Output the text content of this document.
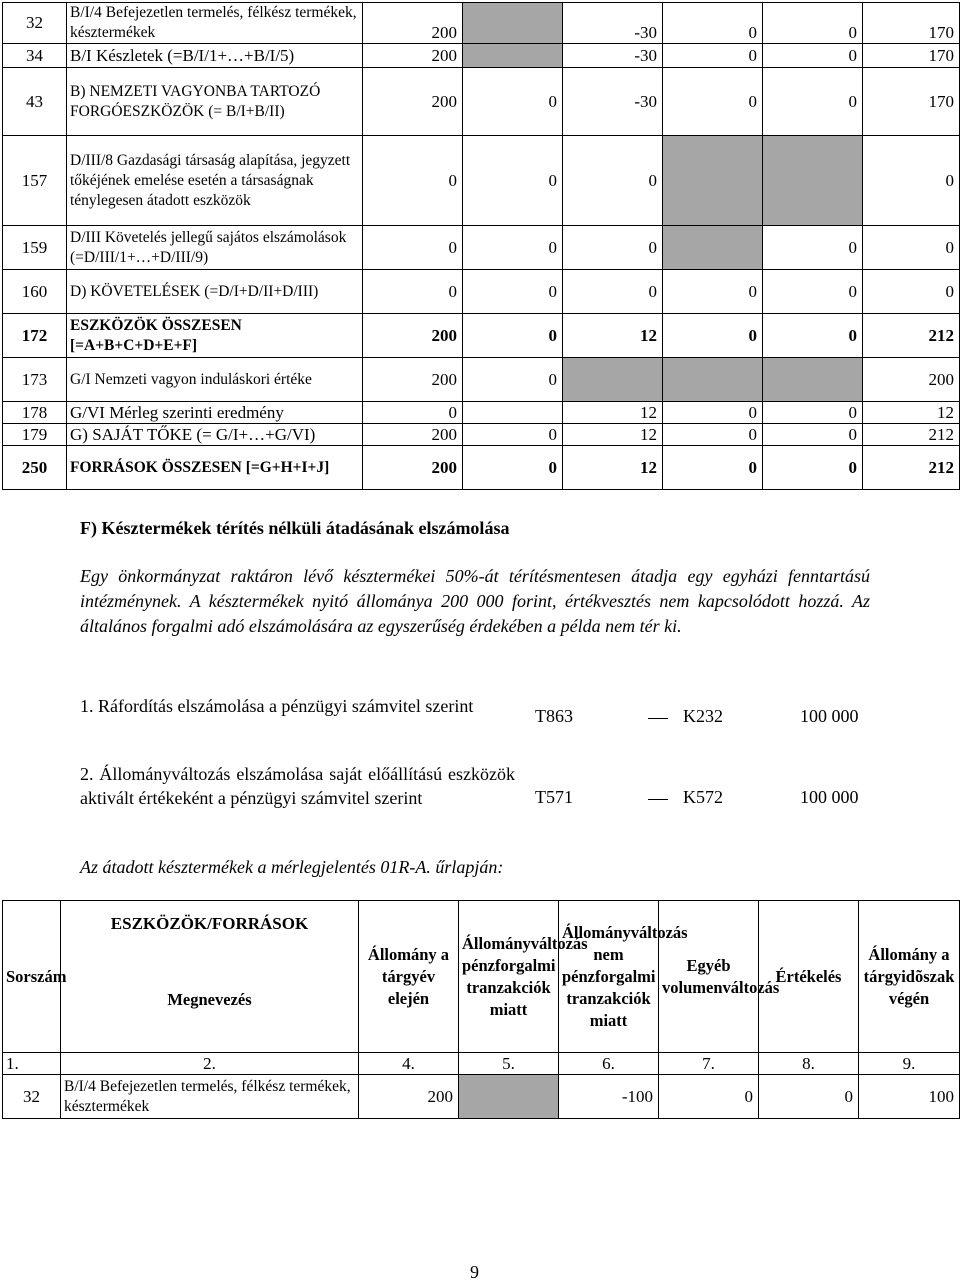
32	B/I/4 Befejezetlen termelés, félkész termékek, késztermékek	200		-30	0	0	170
34	B/I Készletek (=B/I/1+…+B/I/5)	200		-30	0	0	170
43	B) NEMZETI VAGYONBA TARTOZÓ FORGÓESZKÖZÖK (= B/I+B/II)	200	0	-30	0	0	170
157	D/III/8 Gazdasági társaság alapítása, jegyzett tőkéjének emelése esetén a társaságnak ténylegesen átadott eszközök	0	0	0			0
159	D/III Követelés jellegű sajátos elszámolások (=D/III/1+…+D/III/9)	0	0	0		0	0
160	D) KÖVETELÉSEK (=D/I+D/II+D/III)	0	0	0	0	0	0
172	ESZKÖZÖK ÖSSZESEN [=A+B+C+D+E+F]	200	0	12	0	0	212
173	G/I Nemzeti vagyon induláskori értéke	200	0				200
178	G/VI Mérleg szerinti eredmény	0		12	0	0	12
179	G) SAJÁT TŐKE (= G/I+…+G/VI)	200	0	12	0	0	212
250	FORRÁSOK ÖSSZESEN [=G+H+I+J]	200	0	12	0	0	212
F) Késztermékek térítés nélküli átadásának elszámolása
Egy önkormányzat raktáron lévő késztermékei 50%-át térítésmentesen átadja egy egyházi fenntartású intézménynek. A késztermékek nyitó állománya 200 000 forint, értékvesztés nem kapcsolódott hozzá. Az általános forgalmi adó elszámolására az egyszerűség érdekében a példa nem tér ki.
1. Ráfordítás elszámolása a pénzügyi számvitel szerint	T863	K232	100 000
2. Állományváltozás elszámolása saját előállítású eszközök aktivált értékeként a pénzügyi számvitel szerint	T571	K572	100 000
Az átadott késztermékek a mérlegjelentés 01R-A. űrlapján:
Sorszám	ESZKÖZÖK/FORRÁSOK
Megnevezés	Állomány a tárgyév elején	Állományváltozás pénzforgalmi tranzakciók miatt	Állományváltozás nem pénzforgalmi tranzakciók miatt	Egyéb volumenváltozás	Értékelés	Állomány a tárgyidõszak végén
1.	2.	4.	5.	6.	7.	8.	9.
32	B/I/4 Befejezetlen termelés, félkész termékek, késztermékek	200		-100	0	0	100
9
